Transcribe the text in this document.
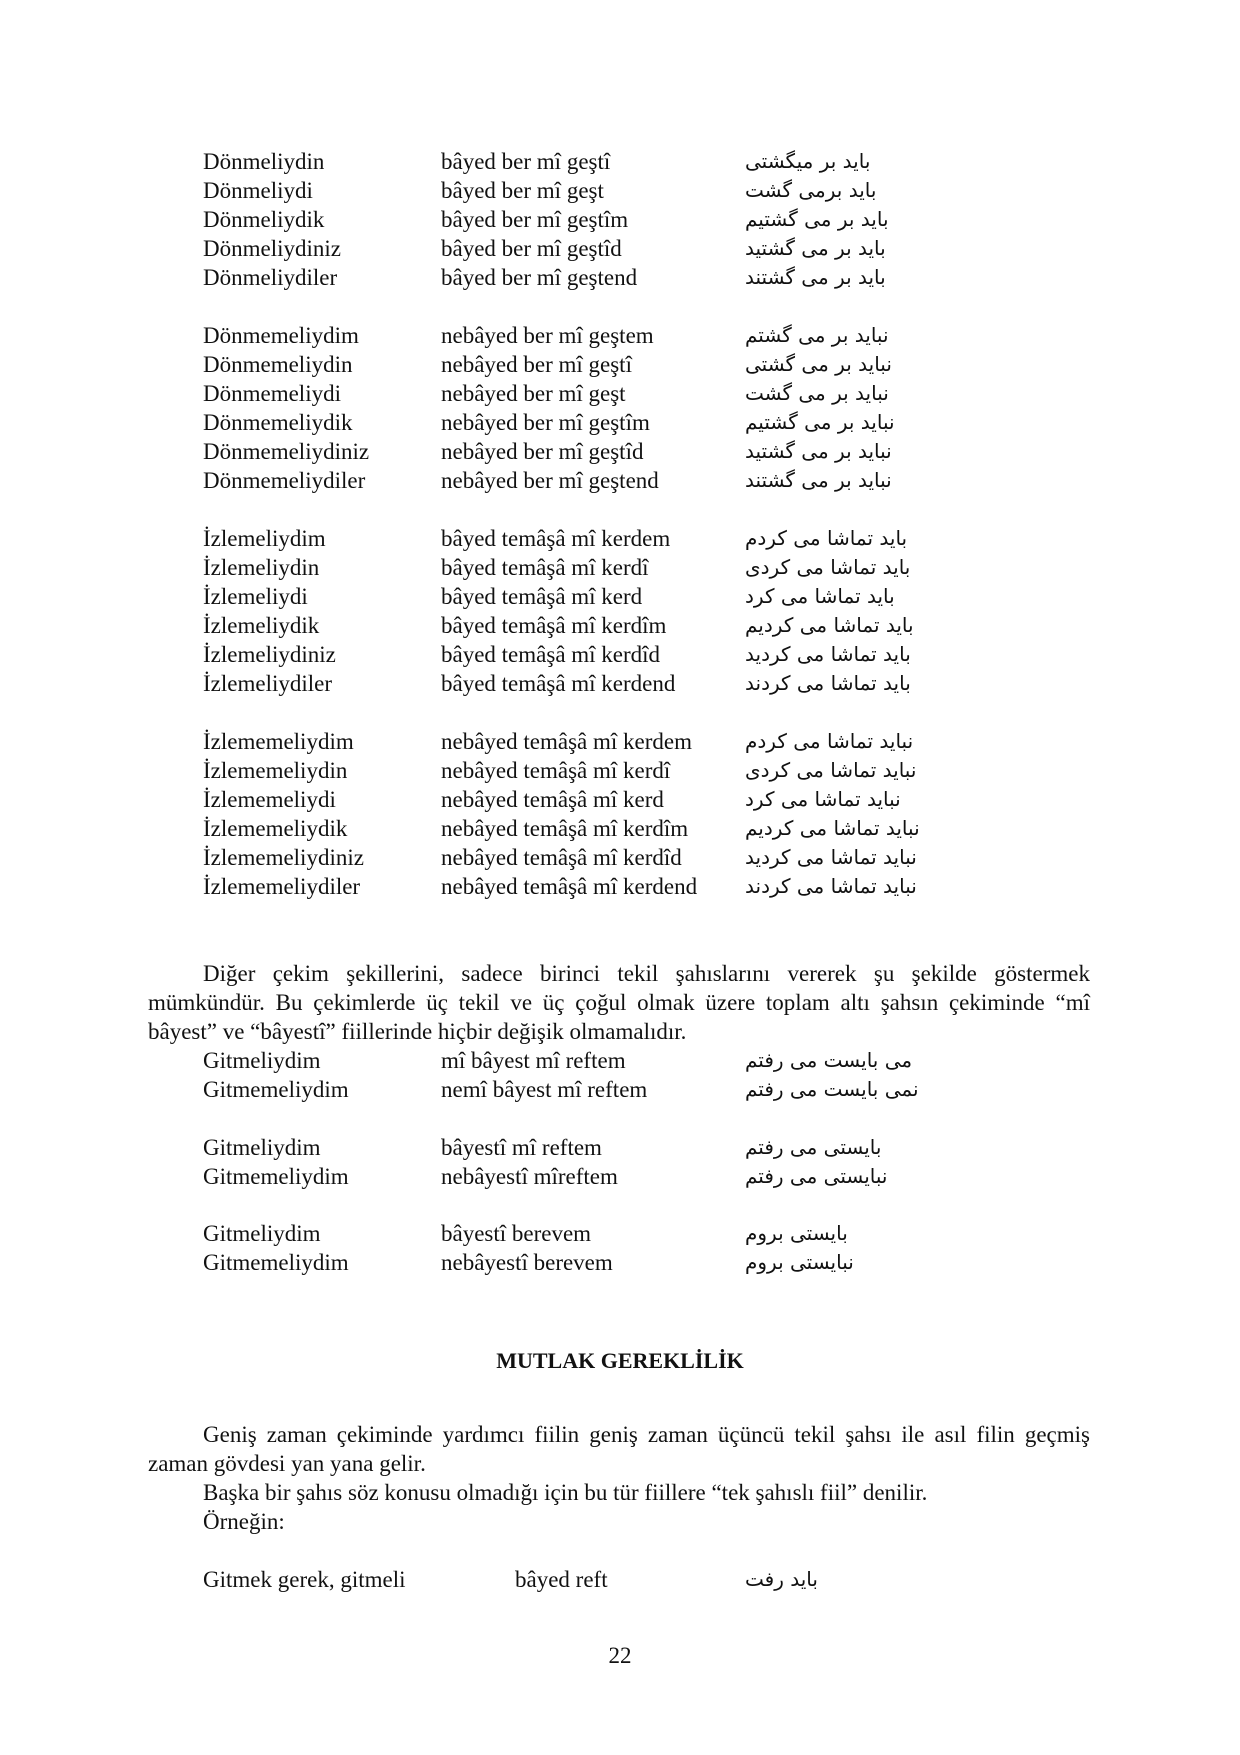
Dönmeliydin	bâyed ber mî geştî	باید بر میگشتی
Dönmeliydi	bâyed ber mî geşt	باید برمی گشت
Dönmeliydik	bâyed ber mî geştîm	باید بر می گشتیم
Dönmeliydiniz	bâyed ber mî geştîd	باید بر می گشتید
Dönmeliydiler	bâyed ber mî geştend	باید بر می گشتند
Dönmemeliydim	nebâyed ber mî geştem	نباید بر می گشتم
Dönmemeliydin	nebâyed ber mî geştî	نباید بر می گشتی
Dönmemeliydi	nebâyed ber mî geşt	نباید بر می گشت
Dönmemeliydik	nebâyed ber mî geştîm	نباید بر می گشتیم
Dönmemeliydiniz	nebâyed ber mî geştîd	نباید بر می گشتید
Dönmemeliydiler	nebâyed ber mî geştend	نباید بر می گشتند
İzlemeliydim	bâyed temâşâ mî kerdem	باید تماشا می کردم
İzlemeliydin	bâyed temâşâ mî kerdî	باید تماشا می کردی
İzlemeliydi	bâyed temâşâ mî kerd	باید تماشا می کرد
İzlemeliydik	bâyed temâşâ mî kerdîm	باید تماشا می کردیم
İzlemeliydiniz	bâyed temâşâ mî kerdîd	باید تماشا می کردید
İzlemeliydiler	bâyed temâşâ mî kerdend	باید تماشا می کردند
İzlememeliydim	nebâyed temâşâ mî kerdem	نباید تماشا می کردم
İzlememeliydin	nebâyed temâşâ mî kerdî	نباید تماشا می کردی
İzlememeliydi	nebâyed temâşâ mî kerd	نباید تماشا می کرد
İzlememeliydik	nebâyed temâşâ mî kerdîm	نباید تماشا می کردیم
İzlememeliydiniz	nebâyed temâşâ mî kerdîd	نباید تماشا می کردید
İzlememeliydiler	nebâyed temâşâ mî kerdend نباید تماشا می کردند
Diğer çekim şekillerini, sadece birinci tekil şahıslarını vererek şu şekilde göstermek mümkündür. Bu çekimlerde üç tekil ve üç çoğul olmak üzere toplam altı şahsın çekiminde “mî bâyest” ve “bâyestî” fiillerinde hiçbir değişik olmamalıdır.
Gitmeliydim	mî bâyest mî reftem	می بایست می رفتم
Gitmemeliydim	nemî bâyest mî reftem	نمی بایست می رفتم
Gitmeliydim	bâyestî mî reftem	بایستی می رفتم
Gitmemeliydim	nebâyestî mîreftem	نبایستی می رفتم
Gitmeliydim	bâyestî berevem	بایستی بروم
Gitmemeliydim	nebâyestî berevem	نبایستی بروم
MUTLAK GEREKLİLİK
Geniş zaman çekiminde yardımcı fiilin geniş zaman üçüncü tekil şahsı ile asıl filin geçmiş zaman gövdesi yan yana gelir.
Başka bir şahıs söz konusu olmadığı için bu tür fiillere “tek şahıslı fiil” denilir.
Örneğin:
Gitmek gerek, gitmeli	bâyed reft	باید رفت
22
